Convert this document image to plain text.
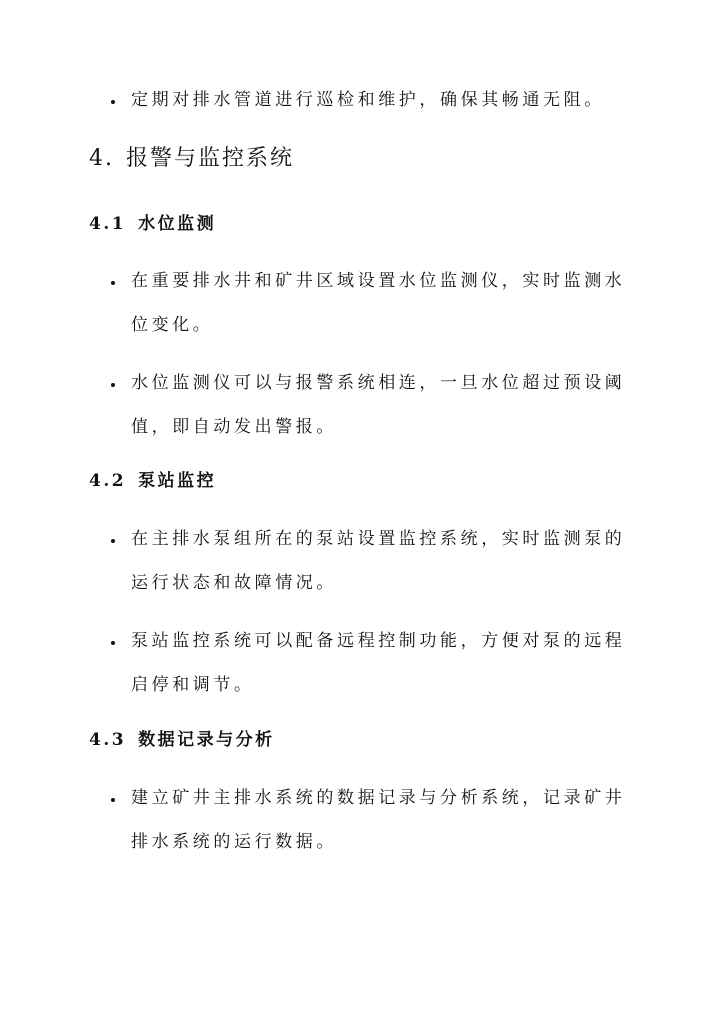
定期对排水管道进行巡检和维护，确保其畅通无阻。
4. 报警与监控系统
4.1 水位监测
在重要排水井和矿井区域设置水位监测仪，实时监测水位变化。
水位监测仪可以与报警系统相连，一旦水位超过预设阈值，即自动发出警报。
4.2 泵站监控
在主排水泵组所在的泵站设置监控系统，实时监测泵的运行状态和故障情况。
泵站监控系统可以配备远程控制功能，方便对泵的远程启停和调节。
4.3 数据记录与分析
建立矿井主排水系统的数据记录与分析系统，记录矿井排水系统的运行数据。
